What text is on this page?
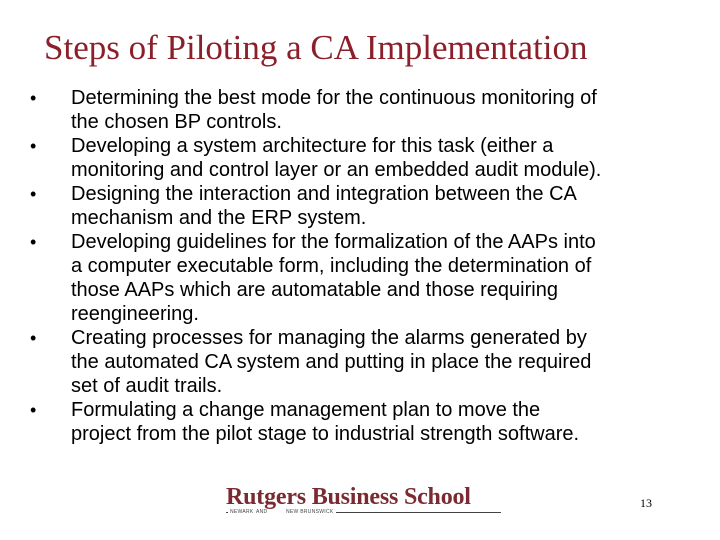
Steps of Piloting a CA Implementation
•	Determining the best mode for the continuous monitoring of
the chosen BP controls.
•	Developing a system architecture for this task (either a
monitoring and control layer or an embedded audit module).
•	Designing the interaction and integration between the CA
mechanism and the ERP system.
•	Developing guidelines for the formalization of the AAPs into
a computer executable form, including the determination of
those AAPs which are automatable and those requiring
reengineering.
•	Creating processes for managing the alarms generated by
the automated CA system and putting in place the required
set of audit trails.
•	Formulating a change management plan to move the
project from the pilot stage to industrial strength software.
Rutgers Business School
NEWARK AND	NEW BRUNSWICK
13
